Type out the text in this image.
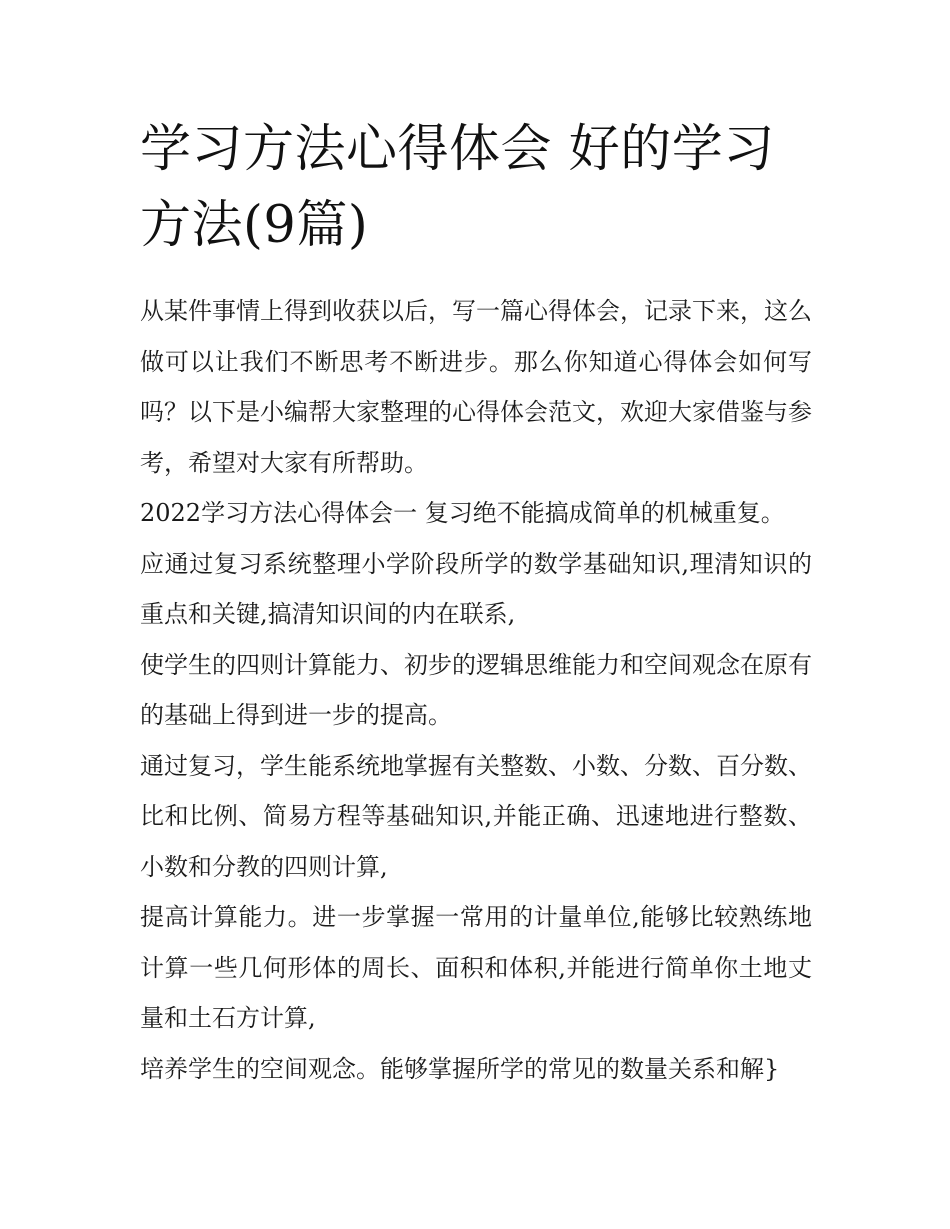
学习方法心得体会 好的学习方法(9篇)

从某件事情上得到收获以后，写一篇心得体会，记录下来，这么做可以让我们不断思考不断进步。那么你知道心得体会如何写吗？以下是小编帮大家整理的心得体会范文，欢迎大家借鉴与参考，希望对大家有所帮助。

2022学习方法心得体会一 复习绝不能搞成简单的机械重复。

应通过复习系统整理小学阶段所学的数学基础知识,理清知识的重点和关键,搞清知识间的内在联系,

使学生的四则计算能力、初步的逻辑思维能力和空间观念在原有的基础上得到进一步的提高。

通过复习，学生能系统地掌握有关整数、小数、分数、百分数、比和比例、简易方程等基础知识,并能正确、迅速地进行整数、小数和分教的四则计算,

提高计算能力。进一步掌握一常用的计量单位,能够比较熟练地计算一些几何形体的周长、面积和体积,并能进行简单你土地丈量和土石方计算,

培养学生的空间观念。能够掌握所学的常见的数量关系和解}
